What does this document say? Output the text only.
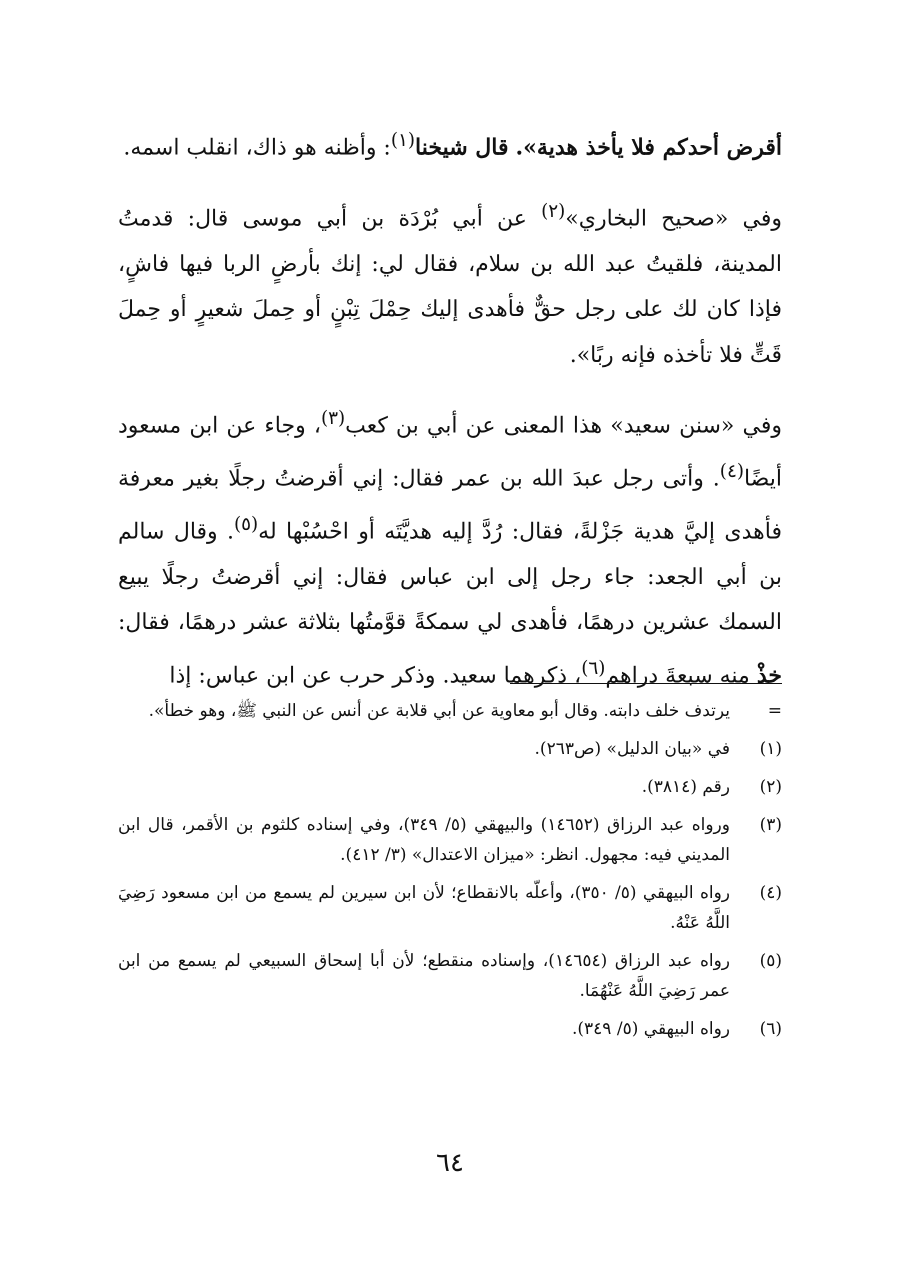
أقرض أحدكم فلا يأخذ هدية». قال شيخنا$^{(١)}$: وأظنه هو ذاك، انقلب اسمه.

وفي «صحيح البخاري»$^{(٢)}$ عن أبي بُرْدَة بن أبي موسى قال: قدمتُ المدينة، فلقيتُ عبد الله بن سلام، فقال لي: إنك بأرضٍ الربا فيها فاشٍ، فإذا كان لك على رجل حقٌّ فأهدى إليك حِمْلَ تِبْنٍ أو حِملَ شعيرٍ أو حِملَ قَتٍّ فلا تأخذه فإنه ربًا».

وفي «سنن سعيد» هذا المعنى عن أبي بن كعب$^{(٣)}$، وجاء عن ابن مسعود أيضًا$^{(٤)}$. وأتى رجل عبدَ الله بن عمر فقال: إني أقرضتُ رجلًا بغير معرفة فأهدى إليَّ هدية جَزْلةً، فقال: رُدَّ إليه هديَّتَه أو احْسُبْها له$^{(٥)}$. وقال سالم بن أبي الجعد: جاء رجل إلى ابن عباس فقال: إني أقرضتُ رجلًا يبيع السمك عشرين درهمًا، فأهدى لي سمكةً قوَّمتُها بثلاثة عشر درهمًا، فقال: خذْ منه سبعةَ دراهم$^{(٦)}$، ذكرهما سعيد. وذكر حرب عن ابن عباس: إذا

=
يرتدف خلف دابته. وقال أبو معاوية عن أبي قلابة عن أنس عن النبي ﷺ، وهو خطأ».
(١)
في «بيان الدليل» (ص٢٦٣).
(٢)
رقم (٣٨١٤).
(٣)
ورواه عبد الرزاق (١٤٦٥٢) والبيهقي (٥/ ٣٤٩)، وفي إسناده كلثوم بن الأقمر، قال ابن المديني فيه: مجهول. انظر: «ميزان الاعتدال» (٣/ ٤١٢).
(٤)
رواه البيهقي (٥/ ٣٥٠)، وأعلّه بالانقطاع؛ لأن ابن سيرين لم يسمع من ابن مسعود رَضِيَ اللَّهُ عَنْهُ.
(٥)
رواه عبد الرزاق (١٤٦٥٤)، وإسناده منقطع؛ لأن أبا إسحاق السبيعي لم يسمع من ابن عمر رَضِيَ اللَّهُ عَنْهُمَا.
(٦)
رواه البيهقي (٥/ ٣٤٩).
٦٤
